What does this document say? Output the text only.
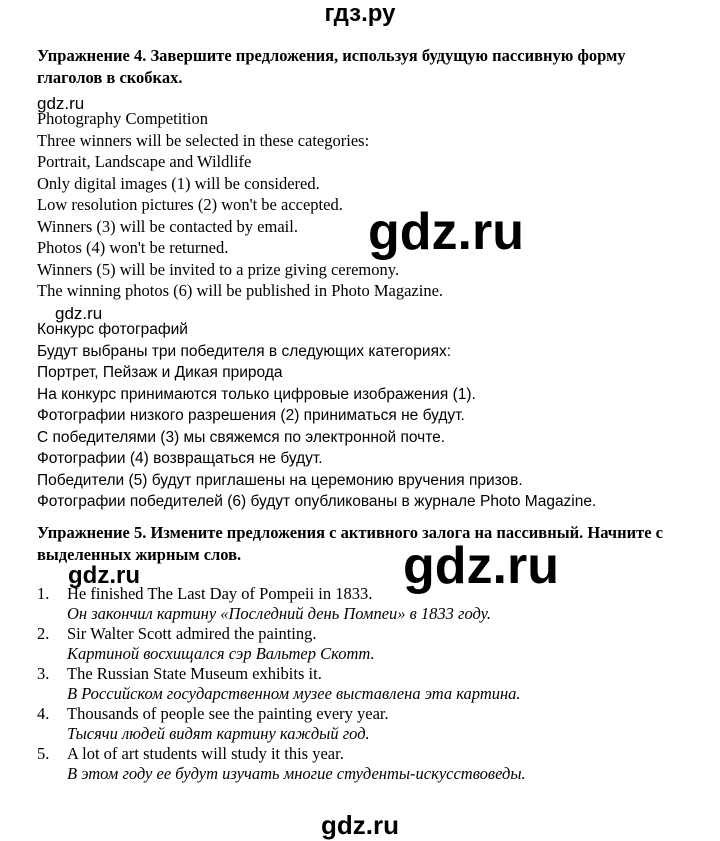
гдз.ру
gdz.ru
gdz.ru
gdz.ru
gdz.ru	gdz.ru
gdz.ru
Упражнение 4. Завершите предложения, используя будущую пассивную форму глаголов в скобках.
Photography Competition
Three winners will be selected in these categories:
Portrait, Landscape and Wildlife
Only digital images (1) will be considered.
Low resolution pictures (2) won't be accepted.
Winners (3) will be contacted by email.
Photos (4) won't be returned.
Winners (5) will be invited to a prize giving ceremony.
The winning photos (6) will be published in Photo Magazine.
Конкурс фотографий
Будут выбраны три победителя в следующих категориях:
Портрет, Пейзаж и Дикая природа
На конкурс принимаются только цифровые изображения (1).
Фотографии низкого разрешения (2) приниматься не будут.
С победителями (3) мы свяжемся по электронной почте.
Фотографии (4) возвращаться не будут.
Победители (5) будут приглашены на церемонию вручения призов.
Фотографии победителей (6) будут опубликованы в журнале Photo Magazine.
Упражнение 5. Измените предложения с активного залога на пассивный. Начните с выделенных жирным слов.
1.	He finished The Last Day of Pompeii in 1833.
Он закончил картину «Последний день Помпеи» в 1833 году.
2.	Sir Walter Scott admired the painting.
Картиной восхищался сэр Вальтер Скотт.
3.	The Russian State Museum exhibits it.
В Российском государственном музее выставлена эта картина.
4.	Thousands of people see the painting every year.
Тысячи людей видят картину каждый год.
5.	A lot of art students will study it this year.
В этом году ее будут изучать многие студенты-искусствоведы.
